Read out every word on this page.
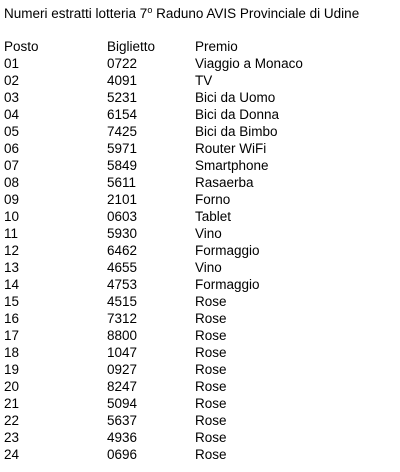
Numeri estratti lotteria 7$^o$ Raduno AVIS Provinciale di Udine
Posto	Biglietto	Premio
01	0722	Viaggio a Monaco
02	4091	TV
03	5231	Bici da Uomo
04	6154	Bici da Donna
05	7425	Bici da Bimbo
06	5971	Router WiFi
07	5849	Smartphone
08	5611	Rasaerba
09	2101	Forno
10	0603	Tablet
11	5930	Vino
12	6462	Formaggio
13	4655	Vino
14	4753	Formaggio
15	4515	Rose
16	7312	Rose
17	8800	Rose
18	1047	Rose
19	0927	Rose
20	8247	Rose
21	5094	Rose
22	5637	Rose
23	4936	Rose
24	0696	Rose
